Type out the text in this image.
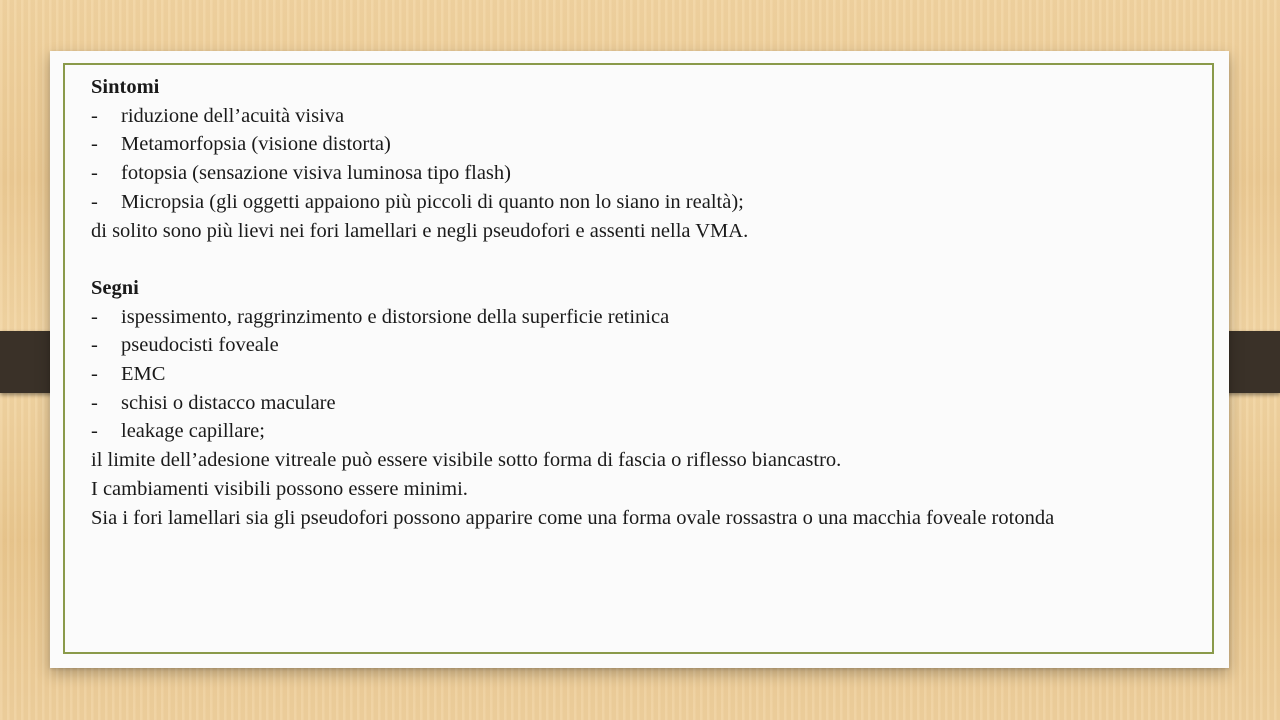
Sintomi

- riduzione dell’acuità visiva
- Metamorfopsia (visione distorta)
- fotopsia (sensazione visiva luminosa tipo flash)
- Micropsia (gli oggetti appaiono più piccoli di quanto non lo siano in realtà);

di solito sono più lievi nei fori lamellari e negli pseudofori e assenti nella VMA.

Segni

- ispessimento, raggrinzimento e distorsione della superficie retinica
- pseudocisti foveale
- EMC
- schisi o distacco maculare
- leakage capillare;

il limite dell’adesione vitreale può essere visibile sotto forma di fascia o riflesso biancastro.

I cambiamenti visibili possono essere minimi.

Sia i fori lamellari sia gli pseudofori possono apparire come una forma ovale rossastra o una macchia foveale rotonda
